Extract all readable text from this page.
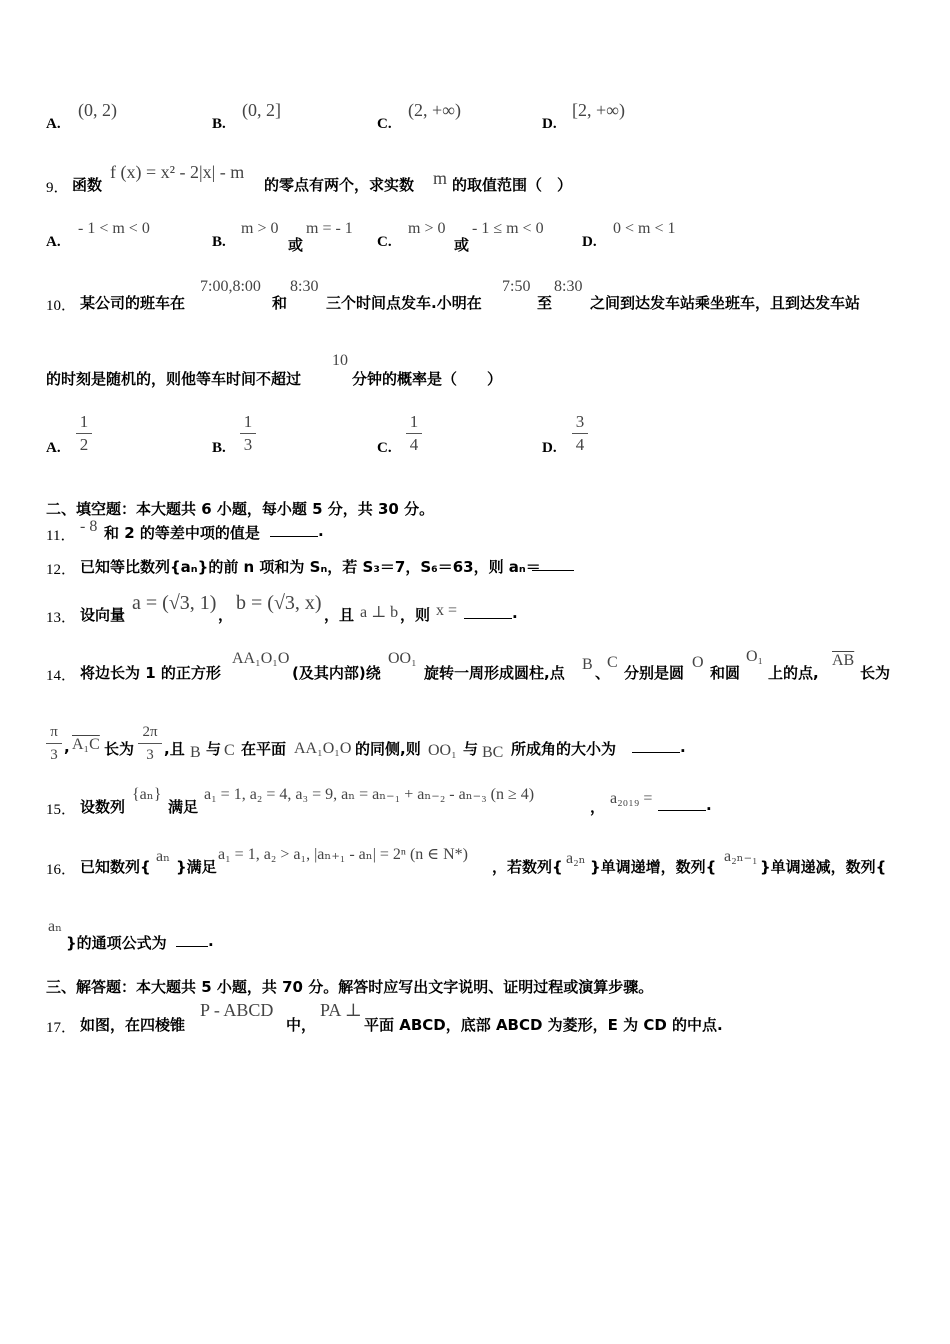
A.
(0, 2)
B.
(0, 2]
C.
(2, +∞)
D.
[2, +∞)
9． 函数
f (x) = x² - 2|x| - m
的零点有两个，求实数 m 的取值范围（　）
A.
- 1 < m < 0
B.
m > 0
或
m = - 1
C.
m > 0
或
- 1 ≤ m < 0
D.
0 < m < 1
10． 某公司的班车在
7:00,8:00
和
8:30
三个时间点发车.小明在
7:50
至
8:30
之间到达发车站乘坐班车，且到达发车站
的时刻是随机的，则他等车时间不超过
10
分钟的概率是（　　）
A.
1
2	B.
1
3	C.
1
4	D.
3
4
二、填空题：本大题共 6 小题，每小题 5 分，共 30 分。
11．
- 8 和 2 的等差中项的值是	.
12． 已知等比数列{aₙ}的前 n 项和为 Sₙ，若 S₃＝7，S₆＝63，则 aₙ＝
13． 设向量
a = (√3, 1)
，
b = (√3, x)
，且 a ⊥ b ，则 x =	.
14． 将边长为 1 的正方形
AA₁O₁O
(及其内部)绕
OO₁
旋转一周形成圆柱,点 B 、
C
分别是圆
O
和圆
O₁
上的点,
$\overline{AB}$
长为
π
3 , A₁C 长为
2π
3 ,且 B 与 C 在平面 AA₁O₁O 的同侧,则 OO₁ 与 BC 所成角的大小为	.
15． 设数列
{aₙ}
满足
a₁ = 1, a₂ = 4, a₃ = 9, aₙ = aₙ₋₁ + aₙ₋₂ - aₙ₋₃ (n ≥ 4)
， a₂₀₁₉ =	.
16． 已知数列{
aₙ
}满足
a₁ = 1, a₂ > a₁, |aₙ₊₁ - aₙ| = 2ⁿ (n ∈ N*)
，若数列{ a₂ₙ }单调递增，数列{
a₂ₙ₋₁
}单调递减，数列{
aₙ
}的通项公式为	.
三、解答题：本大题共 5 小题，共 70 分。解答时应写出文字说明、证明过程或演算步骤。
17． 如图，在四棱锥
P - ABCD
中，
PA ⊥
平面 ABCD，底部 ABCD 为菱形，E 为 CD 的中点.
